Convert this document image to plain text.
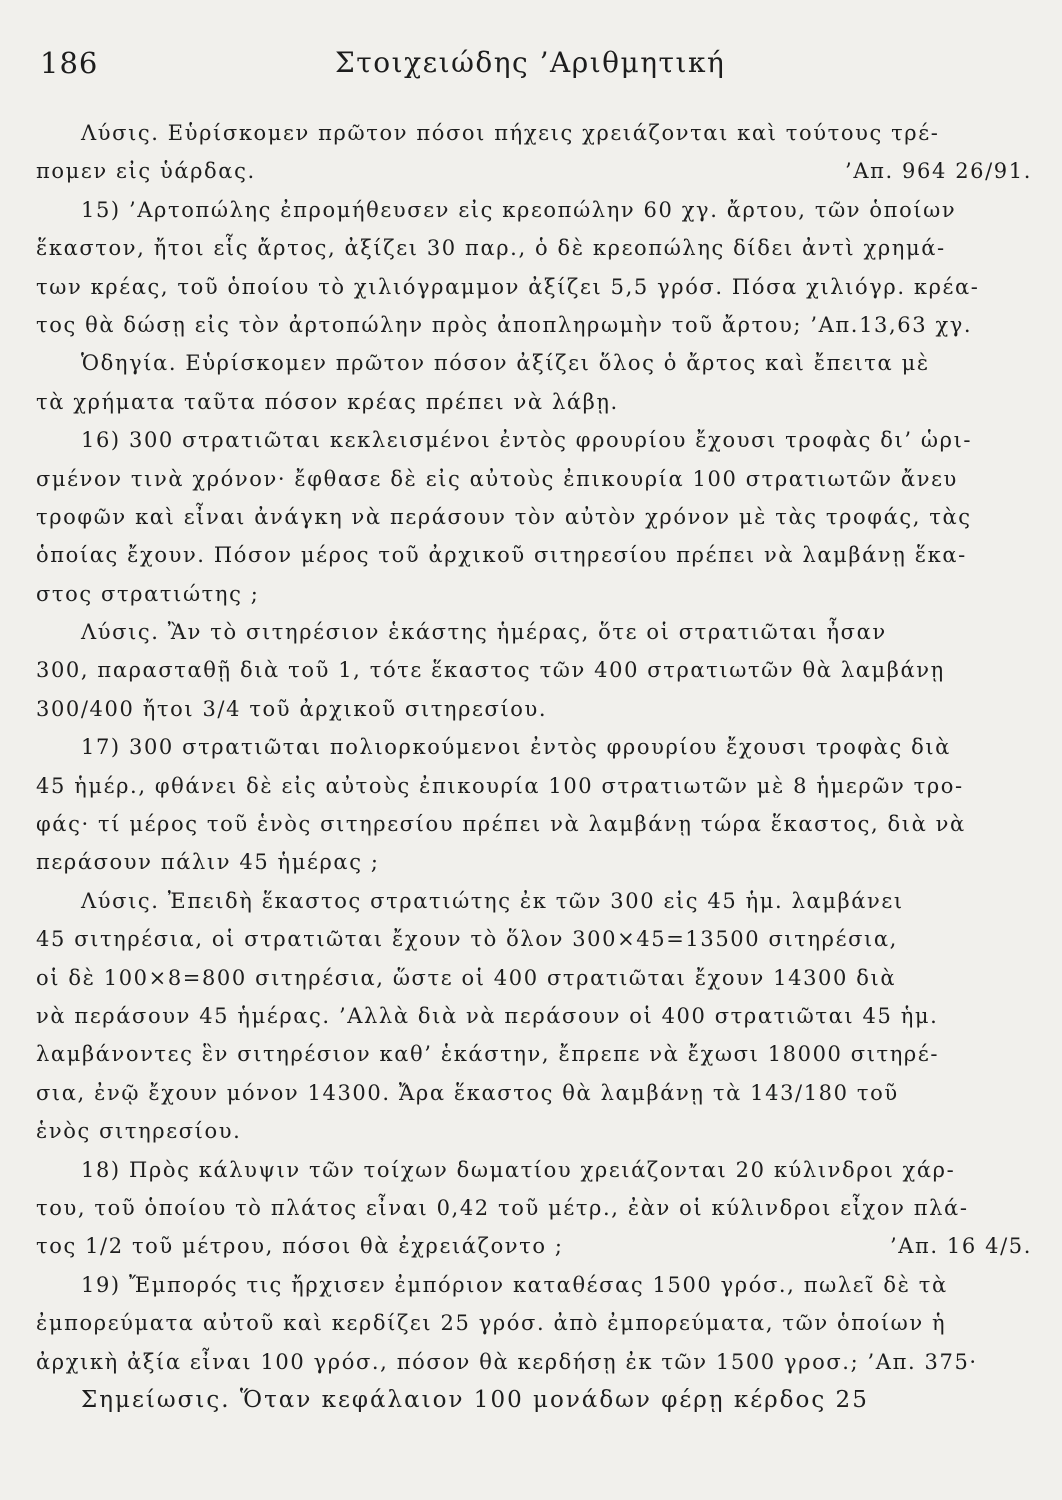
186	Στοιχειώδης ’Αριθμητική
Λύσις. Εὑρίσκομεν πρῶτον πόσοι πήχεις χρειάζονται καὶ τούτους τρέ-
πομεν εἰς ὑάρδας.	’Απ. 964 26/91.
15) ’Αρτοπώλης ἐπρομήθευσεν εἰς κρεοπώλην 60 χγ. ἄρτου, τῶν ὁποίων
ἕκαστον, ἤτοι εἷς ἄρτος, ἀξίζει 30 παρ., ὁ δὲ κρεοπώλης δίδει ἀντὶ χρημά-
των κρέας, τοῦ ὁποίου τὸ χιλιόγραμμον ἀξίζει 5,5 γρόσ. Πόσα χιλιόγρ. κρέα-
τος θὰ δώσῃ εἰς τὸν ἀρτοπώλην πρὸς ἀποπληρωμὴν τοῦ ἄρτου; ’Απ.13,63 χγ.
Ὁδηγία. Εὑρίσκομεν πρῶτον πόσον ἀξίζει ὅλος ὁ ἄρτος καὶ ἔπειτα μὲ
τὰ χρήματα ταῦτα πόσον κρέας πρέπει νὰ λάβῃ.
16) 300 στρατιῶται κεκλεισμένοι ἐντὸς φρουρίου ἔχουσι τροφὰς δι’ ὡρι-
σμένον τινὰ χρόνον· ἔφθασε δὲ εἰς αὐτοὺς ἐπικουρία 100 στρατιωτῶν ἄνευ
τροφῶν καὶ εἶναι ἀνάγκη νὰ περάσουν τὸν αὐτὸν χρόνον μὲ τὰς τροφάς, τὰς
ὁποίας ἔχουν. Πόσον μέρος τοῦ ἀρχικοῦ σιτηρεσίου πρέπει νὰ λαμβάνῃ ἕκα-
στος στρατιώτης ;
Λύσις. Ἂν τὸ σιτηρέσιον ἑκάστης ἡμέρας, ὅτε οἱ στρατιῶται ἦσαν
300, παρασταθῇ διὰ τοῦ 1, τότε ἕκαστος τῶν 400 στρατιωτῶν θὰ λαμβάνῃ
300/400 ἤτοι 3/4 τοῦ ἀρχικοῦ σιτηρεσίου.
17) 300 στρατιῶται πολιορκούμενοι ἐντὸς φρουρίου ἔχουσι τροφὰς διὰ
45 ἡμέρ., φθάνει δὲ εἰς αὐτοὺς ἐπικουρία 100 στρατιωτῶν μὲ 8 ἡμερῶν τρο-
φάς· τί μέρος τοῦ ἑνὸς σιτηρεσίου πρέπει νὰ λαμβάνῃ τώρα ἕκαστος, διὰ νὰ
περάσουν πάλιν 45 ἡμέρας ;
Λύσις. Ἐπειδὴ ἕκαστος στρατιώτης ἐκ τῶν 300 εἰς 45 ἡμ. λαμβάνει
45 σιτηρέσια, οἱ στρατιῶται ἔχουν τὸ ὅλον 300×45=13500 σιτηρέσια,
οἱ δὲ 100×8=800 σιτηρέσια, ὥστε οἱ 400 στρατιῶται ἔχουν 14300 διὰ
νὰ περάσουν 45 ἡμέρας. ’Αλλὰ διὰ νὰ περάσουν οἱ 400 στρατιῶται 45 ἡμ.
λαμβάνοντες ἓν σιτηρέσιον καθ’ ἑκάστην, ἔπρεπε νὰ ἔχωσι 18000 σιτηρέ-
σια, ἐνῷ ἔχουν μόνον 14300. Ἄρα ἕκαστος θὰ λαμβάνῃ τὰ 143/180 τοῦ
ἑνὸς σιτηρεσίου.
18) Πρὸς κάλυψιν τῶν τοίχων δωματίου χρειάζονται 20 κύλινδροι χάρ-
του, τοῦ ὁποίου τὸ πλάτος εἶναι 0,42 τοῦ μέτρ., ἐὰν οἱ κύλινδροι εἶχον πλά-
τος 1/2 τοῦ μέτρου, πόσοι θὰ ἐχρειάζοντο ;	’Απ. 16 4/5.
19) Ἔμπορός τις ἤρχισεν ἐμπόριον καταθέσας 1500 γρόσ., πωλεῖ δὲ τὰ
ἐμπορεύματα αὐτοῦ καὶ κερδίζει 25 γρόσ. ἀπὸ ἐμπορεύματα, τῶν ὁποίων ἡ
ἀρχικὴ ἀξία εἶναι 100 γρόσ., πόσον θὰ κερδήσῃ ἐκ τῶν 1500 γροσ.; ’Απ. 375·
Σημείωσις. Ὅταν κεφάλαιον 100 μονάδων φέρῃ κέρδος 25
